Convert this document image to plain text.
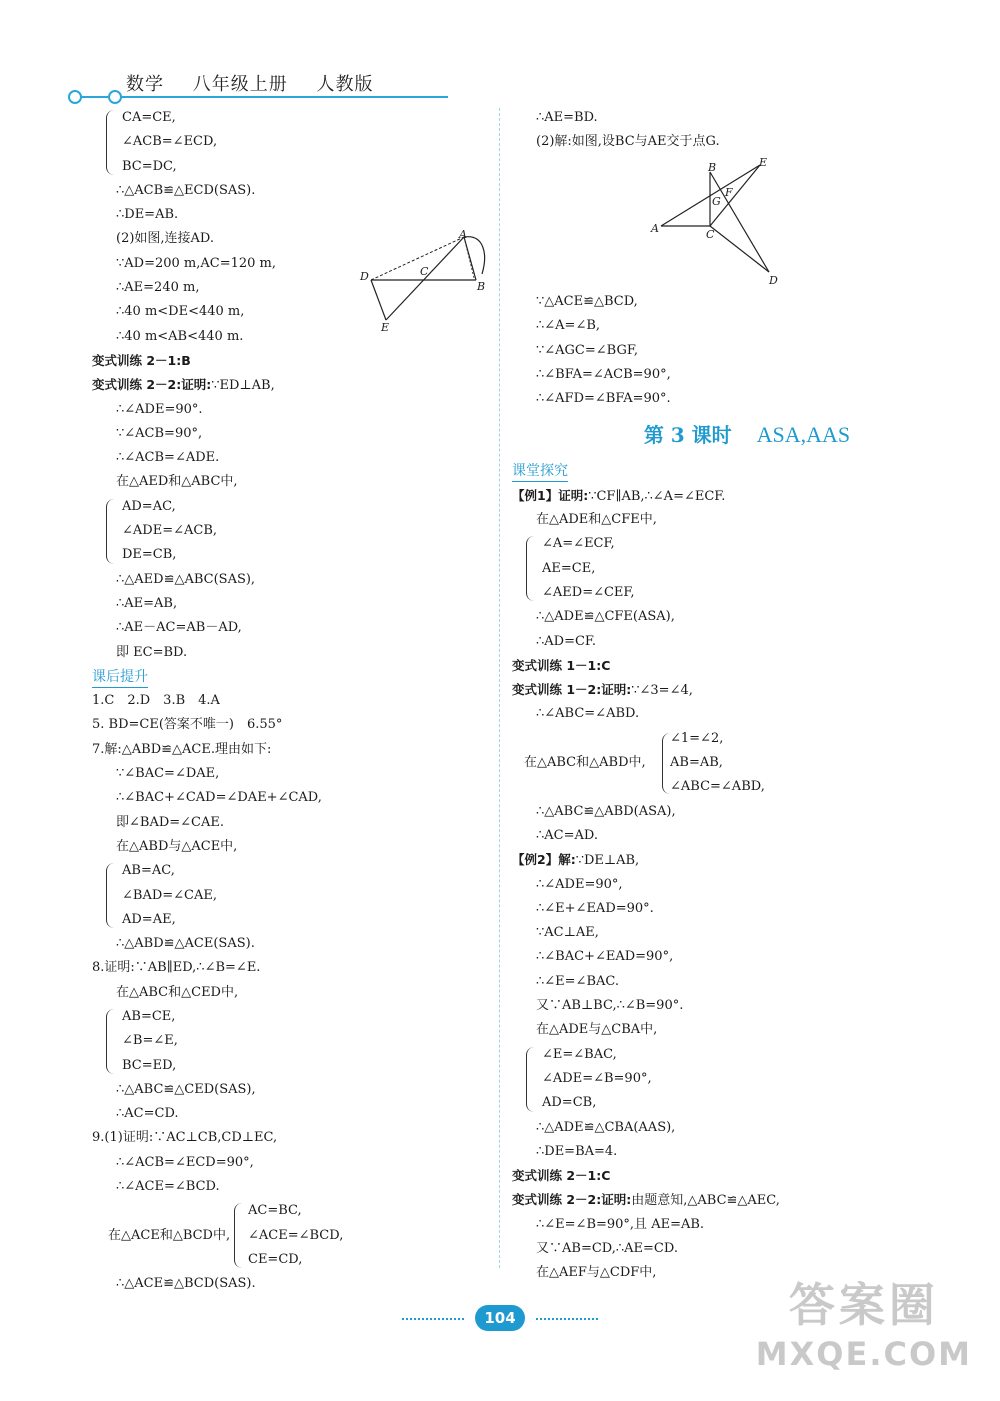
数学 八年级上册 人教版
CA=CE,
∠ACB=∠ECD,
BC=DC,
∴△ACB≌△ECD(SAS).
∴DE=AB.
(2)如图,连接AD.
∵AD=200 m,AC=120 m,
∴AE=240 m,
∴40 m<DE<440 m,
∴40 m<AB<440 m.
变式训练 2－1:B
变式训练 2－2:证明:∵ED⊥AB,
∴∠ADE=90°.
∵∠ACB=90°,
∴∠ACB=∠ADE.
在△AED和△ABC中,
AD=AC,
∠ADE=∠ACB,
DE=CB,
∴△AED≌△ABC(SAS),
∴AE=AB,
∴AE－AC=AB－AD,
即 EC=BD.
课后提升
1.C　2.D　3.B　4.A
5. BD=CE(答案不唯一)　6.55°
7.解:△ABD≌△ACE.理由如下:
∵∠BAC=∠DAE,
∴∠BAC+∠CAD=∠DAE+∠CAD,
即∠BAD=∠CAE.
在△ABD与△ACE中,
AB=AC,
∠BAD=∠CAE,
AD=AE,
∴△ABD≌△ACE(SAS).
8.证明:∵AB∥ED,∴∠B=∠E.
在△ABC和△CED中,
AB=CE,
∠B=∠E,
BC=ED,
∴△ABC≌△CED(SAS),
∴AC=CD.
9.(1)证明:∵AC⊥CB,CD⊥EC,
∴∠ACB=∠ECD=90°,
∴∠ACE=∠BCD.
AC=BC,
在△ACE和△BCD中,
CE=CD,
∠ACE=∠BCD,
∴△ACE≌△BCD(SAS).
A
B
C
D
E
∴AE=BD.
(2)解:如图,设BC与AE交于点G.
A
B
C
D
E
F
G
∵△ACE≌△BCD,
∴∠A=∠B,
∵∠AGC=∠BGF,
∴∠BFA=∠ACB=90°,
∴∠AFD=∠BFA=90°.
第 3 课时 ASA,AAS
课堂探究
【例1】证明:∵CF∥AB,∴∠A=∠ECF.
在△ADE和△CFE中,
∠A=∠ECF,
AE=CE,
∠AED=∠CEF,
∴△ADE≌△CFE(ASA),
∴AD=CF.
变式训练 1－1:C
变式训练 1－2:证明:∵∠3=∠4,
∴∠ABC=∠ABD.
在△ABC和△ABD中,
∠1=∠2,
AB=AB,
∠ABC=∠ABD,
∴△ABC≌△ABD(ASA),
∴AC=AD.
【例2】解:∵DE⊥AB,
∴∠ADE=90°,
∴∠E+∠EAD=90°.
∵AC⊥AE,
∴∠BAC+∠EAD=90°,
∴∠E=∠BAC.
又∵AB⊥BC,∴∠B=90°.
在△ADE与△CBA中,
∠E=∠BAC,
∠ADE=∠B=90°,
AD=CB,
∴△ADE≌△CBA(AAS),
∴DE=BA=4.
变式训练 2－1:C
变式训练 2－2:证明:由题意知,△ABC≌△AEC,
∴∠E=∠B=90°,且 AE=AB.
又∵AB=CD,∴AE=CD.
在△AEF与△CDF中,
104	答案圈
MXQE.COM
